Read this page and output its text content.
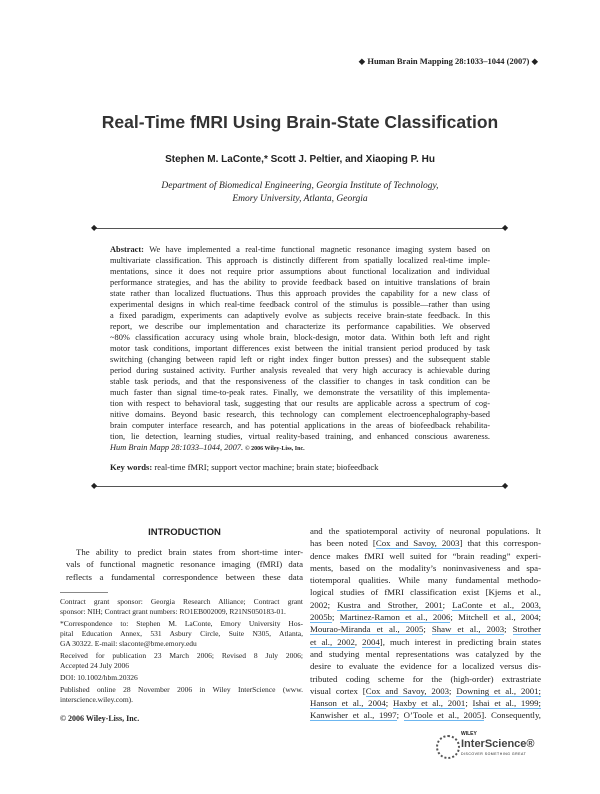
◆ Human Brain Mapping 28:1033–1044 (2007) ◆
Real-Time fMRI Using Brain-State Classification
Stephen M. LaConte,* Scott J. Peltier, and Xiaoping P. Hu
Department of Biomedical Engineering, Georgia Institute of Technology,
Emory University, Atlanta, Georgia
Abstract: We have implemented a real-time functional magnetic resonance imaging system based on
multivariate classification. This approach is distinctly different from spatially localized real-time imple-
mentations, since it does not require prior assumptions about functional localization and individual
performance strategies, and has the ability to provide feedback based on intuitive translations of brain
state rather than localized fluctuations. Thus this approach provides the capability for a new class of
experimental designs in which real-time feedback control of the stimulus is possible—rather than using
a fixed paradigm, experiments can adaptively evolve as subjects receive brain-state feedback. In this
report, we describe our implementation and characterize its performance capabilities. We observed
~80% classification accuracy using whole brain, block-design, motor data. Within both left and right
motor task conditions, important differences exist between the initial transient period produced by task
switching (changing between rapid left or right index finger button presses) and the subsequent stable
period during sustained activity. Further analysis revealed that very high accuracy is achievable during
stable task periods, and that the responsiveness of the classifier to changes in task condition can be
much faster than signal time-to-peak rates. Finally, we demonstrate the versatility of this implementa-
tion with respect to behavioral task, suggesting that our results are applicable across a spectrum of cog-
nitive domains. Beyond basic research, this technology can complement electroencephalography-based
brain computer interface research, and has potential applications in the areas of biofeedback rehabilita-
tion, lie detection, learning studies, virtual reality-based training, and enhanced conscious awareness.
Hum Brain Mapp 28:1033–1044, 2007. © 2006 Wiley-Liss, Inc.
Key words: real-time fMRI; support vector machine; brain state; biofeedback
◆	◆
◆	◆
INTRODUCTION
The ability to predict brain states from short-time inter-
vals of functional magnetic resonance imaging (fMRI) data
reflects a fundamental correspondence between these data
Contract grant sponsor: Georgia Research Alliance; Contract grant
sponsor: NIH; Contract grant numbers: RO1EB002009, R21NS050183-01.
*Correspondence to: Stephen M. LaConte, Emory University Hos-
pital Education Annex, 531 Asbury Circle, Suite N305, Atlanta,
GA 30322. E-mail: slaconte@bme.emory.edu
Received for publication 23 March 2006; Revised 8 July 2006;
Accepted 24 July 2006
DOI: 10.1002/hbm.20326
Published online 28 November 2006 in Wiley InterScience (www.
interscience.wiley.com).
© 2006 Wiley-Liss, Inc.
WILEY
InterScience®
DISCOVER SOMETHING GREAT
and the spatiotemporal activity of neuronal populations. It
has been noted [Cox and Savoy, 2003] that this correspon-
dence makes fMRI well suited for “brain reading” experi-
ments, based on the modality’s noninvasiveness and spa-
tiotemporal qualities. While many fundamental methodo-
logical studies of fMRI classification exist [Kjems et al.,
2002; Kustra and Strother, 2001; LaConte et al., 2003,
2005b; Martinez-Ramon et al., 2006; Mitchell et al., 2004;
Mourao-Miranda et al., 2005; Shaw et al., 2003; Strother
et al., 2002, 2004], much interest in predicting brain states
and studying mental representations was catalyzed by the
desire to evaluate the evidence for a localized versus dis-
tributed coding scheme for the (high-order) extrastriate
visual cortex [Cox and Savoy, 2003; Downing et al., 2001;
Hanson et al., 2004; Haxby et al., 2001; Ishai et al., 1999;
Kanwisher et al., 1997; O’Toole et al., 2005]. Consequently,
